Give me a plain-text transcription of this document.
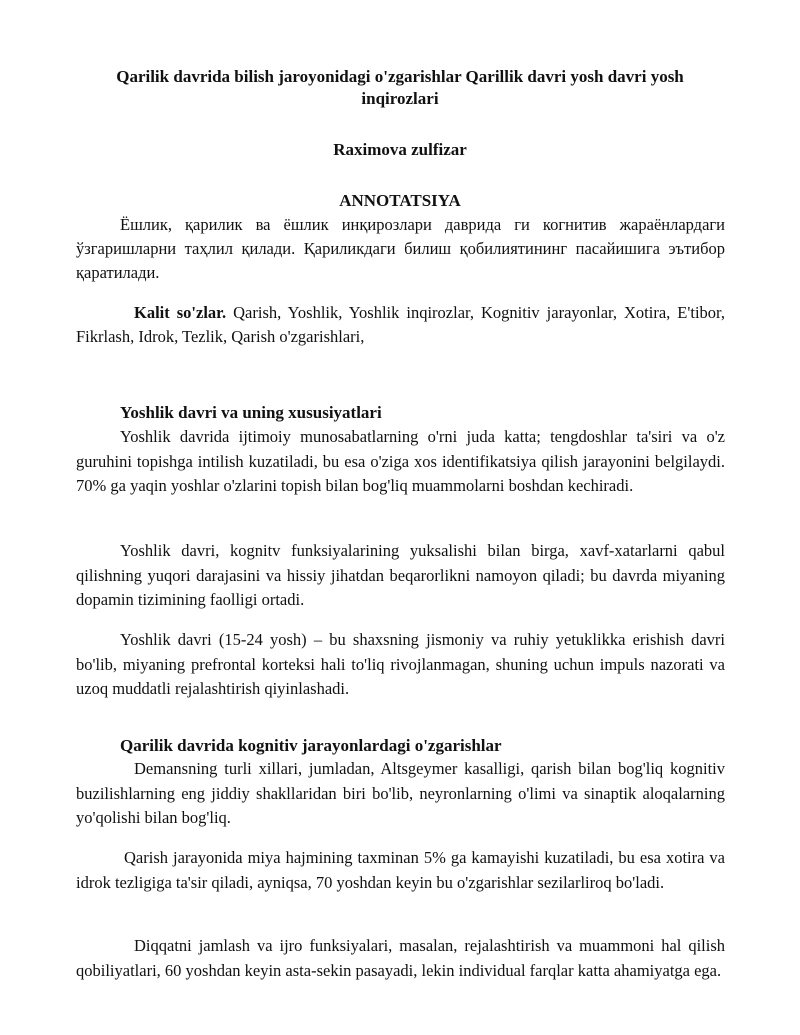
Qarilik davrida bilish jaroyonidagi o'zgarishlar Qarillik davri yosh davri yosh inqirozlari
Raximova zulfizar
ANNOTATSIYA

Ёшлик, қарилик ва ёшлик инқирозлари даврида ги когнитив жараёнлардаги ўзгаришларни таҳлил қилади. Қариликдаги билиш қобилиятининг пасайишига эътибор қаратилади.

Kalit so'zlar. Qarish, Yoshlik, Yoshlik inqirozlar, Kognitiv jarayonlar, Xotira, E'tibor, Fikrlash, Idrok, Tezlik, Qarish o'zgarishlari,

Yoshlik davri va uning xususiyatlari

Yoshlik davrida ijtimoiy munosabatlarning o'rni juda katta; tengdoshlar ta'siri va o'z guruhini topishga intilish kuzatiladi, bu esa o'ziga xos identifikatsiya qilish jarayonini belgilaydi. 70% ga yaqin yoshlar o'zlarini topish bilan bog'liq muammolarni boshdan kechiradi.

Yoshlik davri, kognitv funksiyalarining yuksalishi bilan birga, xavf-xatarlarni qabul qilishning yuqori darajasini va hissiy jihatdan beqarorlikni namoyon qiladi; bu davrda miyaning dopamin tizimining faolligi ortadi.

Yoshlik davri (15-24 yosh) – bu shaxsning jismoniy va ruhiy yetuklikka erishish davri bo'lib, miyaning prefrontal korteksi hali to'liq rivojlanmagan, shuning uchun impuls nazorati va uzoq muddatli rejalashtirish qiyinlashadi.

Qarilik davrida kognitiv jarayonlardagi o'zgarishlar

Demansning turli xillari, jumladan, Altsgeymer kasalligi, qarish bilan bog'liq kognitiv buzilishlarning eng jiddiy shakllaridan biri bo'lib, neyronlarning o'limi va sinaptik aloqalarning yo'qolishi bilan bog'liq.

Qarish jarayonida miya hajmining taxminan 5% ga kamayishi kuzatiladi, bu esa xotira va idrok tezligiga ta'sir qiladi, ayniqsa, 70 yoshdan keyin bu o'zgarishlar sezilarliroq bo'ladi.

Diqqatni jamlash va ijro funksiyalari, masalan, rejalashtirish va muammoni hal qilish qobiliyatlari, 60 yoshdan keyin asta-sekin pasayadi, lekin individual farqlar katta ahamiyatga ega.
